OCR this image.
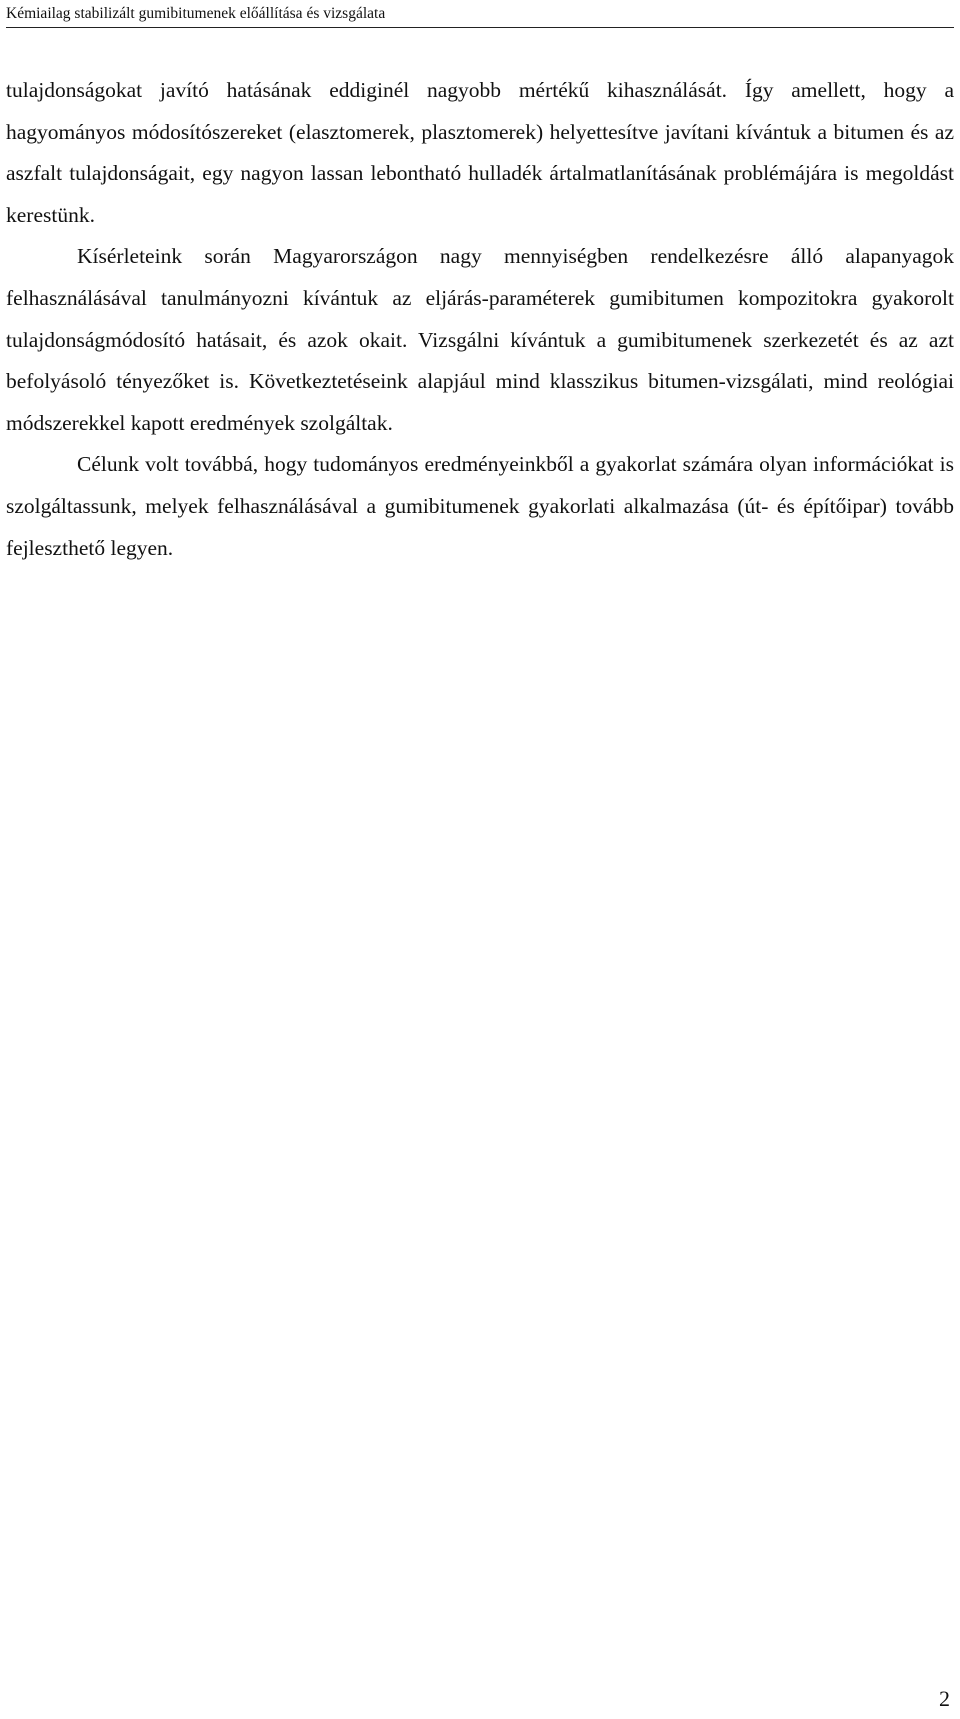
Kémiailag stabilizált gumibitumenek előállítása és vizsgálata

tulajdonságokat javító hatásának eddiginél nagyobb mértékű kihasználását. Így amellett, hogy a hagyományos módosítószereket (elasztomerek, plasztomerek) helyettesítve javítani kívántuk a bitumen és az aszfalt tulajdonságait, egy nagyon lassan lebontható hulladék ártalmatlanításának problémájára is megoldást kerestünk.

Kísérleteink során Magyarországon nagy mennyiségben rendelkezésre álló alapanyagok felhasználásával tanulmányozni kívántuk az eljárás-paraméterek gumibitumen kompozitokra gyakorolt tulajdonságmódosító hatásait, és azok okait. Vizsgálni kívántuk a gumibitumenek szerkezetét és az azt befolyásoló tényezőket is. Következtetéseink alapjául mind klasszikus bitumen-vizsgálati, mind reológiai módszerekkel kapott eredmények szolgáltak.

Célunk volt továbbá, hogy tudományos eredményeinkből a gyakorlat számára olyan információkat is szolgáltassunk, melyek felhasználásával a gumibitumenek gyakorlati alkalmazása (út- és építőipar) tovább fejleszthető legyen.

2
